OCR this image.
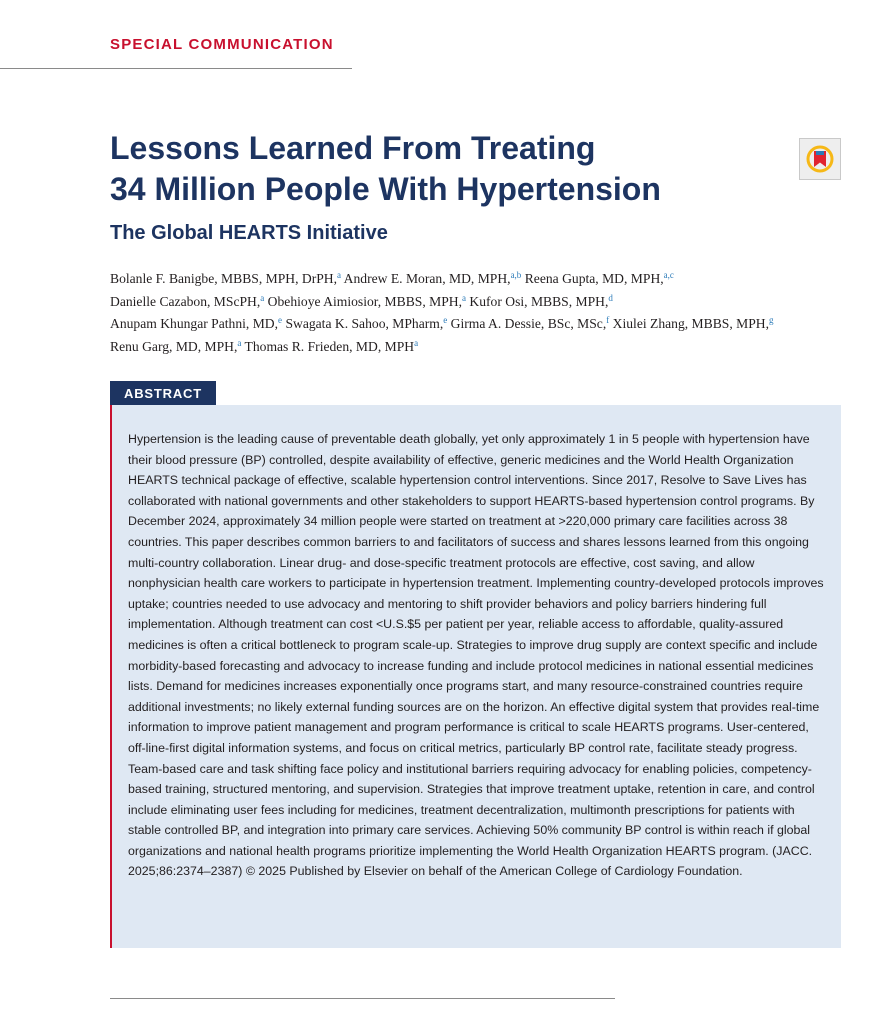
SPECIAL COMMUNICATION
Lessons Learned From Treating
34 Million People With Hypertension
The Global HEARTS Initiative
Bolanle F. Banigbe, MBBS, MPH, DrPH,$^a$ Andrew E. Moran, MD, MPH,$^{a,b}$ Reena Gupta, MD, MPH,$^{a,c}$
Danielle Cazabon, MScPH,$^a$ Obehioye Aimiosior, MBBS, MPH,$^a$ Kufor Osi, MBBS, MPH,$^d$
Anupam Khungar Pathni, MD,$^e$ Swagata K. Sahoo, MPharm,$^e$ Girma A. Dessie, BSc, MSc,$^f$ Xiulei Zhang, MBBS, MPH,$^g$
Renu Garg, MD, MPH,$^a$ Thomas R. Frieden, MD, MPH$^a$
ABSTRACT

Hypertension is the leading cause of preventable death globally, yet only approximately 1 in 5 people with hypertension have their blood pressure (BP) controlled, despite availability of effective, generic medicines and the World Health Organization HEARTS technical package of effective, scalable hypertension control interventions. Since 2017, Resolve to Save Lives has collaborated with national governments and other stakeholders to support HEARTS-based hypertension control programs. By December 2024, approximately 34 million people were started on treatment at >220,000 primary care facilities across 38 countries. This paper describes common barriers to and facilitators of success and shares lessons learned from this ongoing multi-country collaboration. Linear drug- and dose-specific treatment protocols are effective, cost saving, and allow nonphysician health care workers to participate in hypertension treatment. Implementing country-developed protocols improves uptake; countries needed to use advocacy and mentoring to shift provider behaviors and policy barriers hindering full implementation. Although treatment can cost <U.S.$5 per patient per year, reliable access to affordable, quality-assured medicines is often a critical bottleneck to program scale-up. Strategies to improve drug supply are context specific and include morbidity-based forecasting and advocacy to increase funding and include protocol medicines in national essential medicines lists. Demand for medicines increases exponentially once programs start, and many resource-constrained countries require additional investments; no likely external funding sources are on the horizon. An effective digital system that provides real-time information to improve patient management and program performance is critical to scale HEARTS programs. User-centered, off-line-first digital information systems, and focus on critical metrics, particularly BP control rate, facilitate steady progress. Team-based care and task shifting face policy and institutional barriers requiring advocacy for enabling policies, competency-based training, structured mentoring, and supervision. Strategies that improve treatment uptake, retention in care, and control include eliminating user fees including for medicines, treatment decentralization, multimonth prescriptions for patients with stable controlled BP, and integration into primary care services. Achieving 50% community BP control is within reach if global organizations and national health programs prioritize implementing the World Health Organization HEARTS program. (JACC. 2025;86:2374–2387) © 2025 Published by Elsevier on behalf of the American College of Cardiology Foundation.
